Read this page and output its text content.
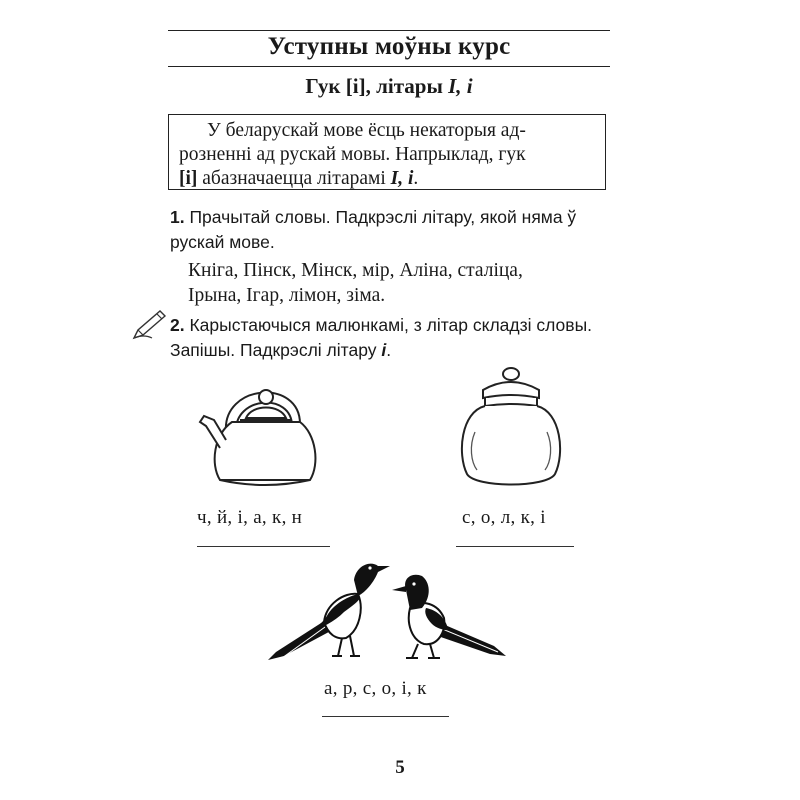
Уступны моўны курс
Гук [і], літары І, і
У беларускай мове ёсць некаторыя ад-
розненні ад рускай мовы. Напрыклад, гук
[і] абазначаецца літарамі І, і.
1. Прачытай словы. Падкрэслі літару, якой няма ў
рускай мове.
Кніга, Пінск, Мінск, мір, Аліна, сталіца,
Ірына, Ігар, лімон, зіма.
2. Карыстаючыся малюнкамі, з літар складзі словы.
Запішы. Падкрэслі літару і.
ч, й, і, а, к, н	с, о, л, к, і
а, р, с, о, і, к
5
